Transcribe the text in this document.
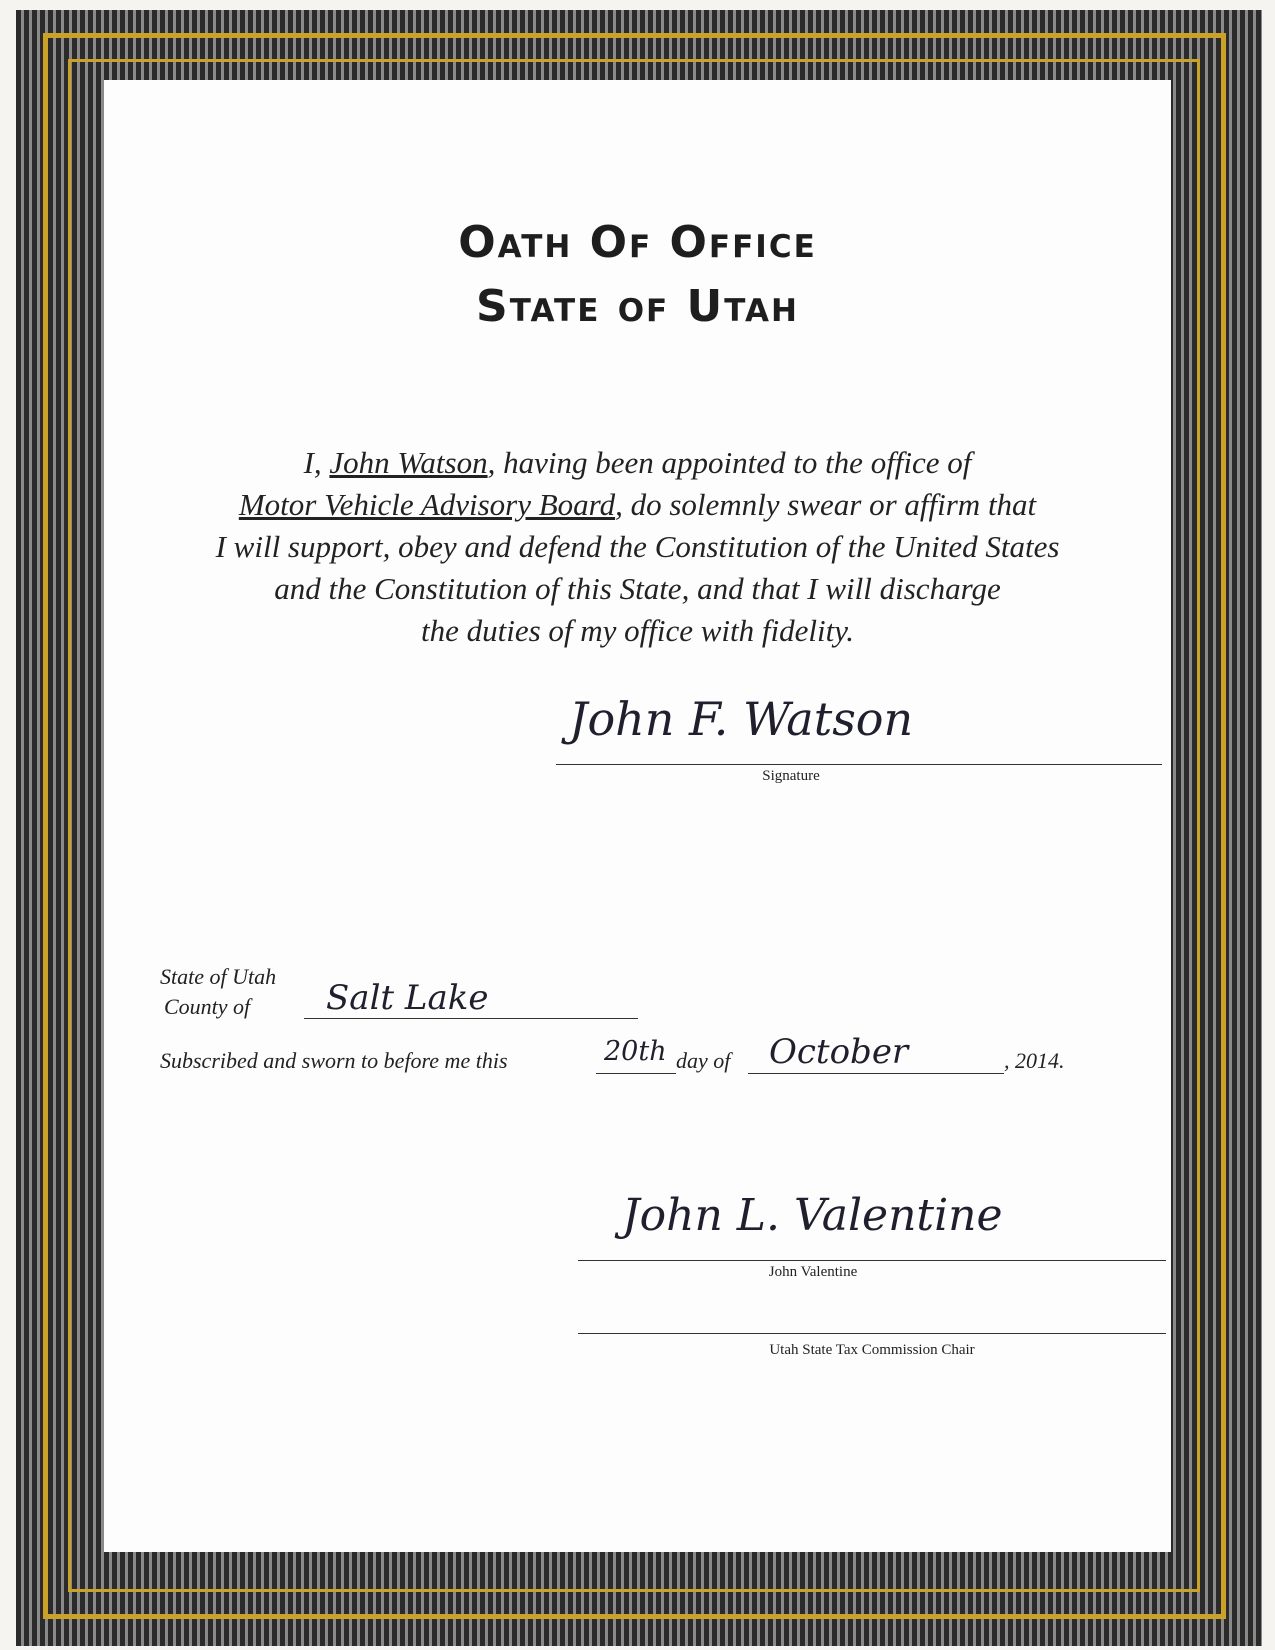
Oath Of Office
State of Utah
I, John Watson, having been appointed to the office of
Motor Vehicle Advisory Board, do solemnly swear or affirm that
I will support, obey and defend the Constitution of the United States
and the Constitution of this State, and that I will discharge
the duties of my office with fidelity.
John F. Watson
Signature
State of Utah
County of Salt Lake
Subscribed and sworn to before me this	20th day of October	, 2014.
John L. Valentine
John Valentine
Utah State Tax Commission Chair
